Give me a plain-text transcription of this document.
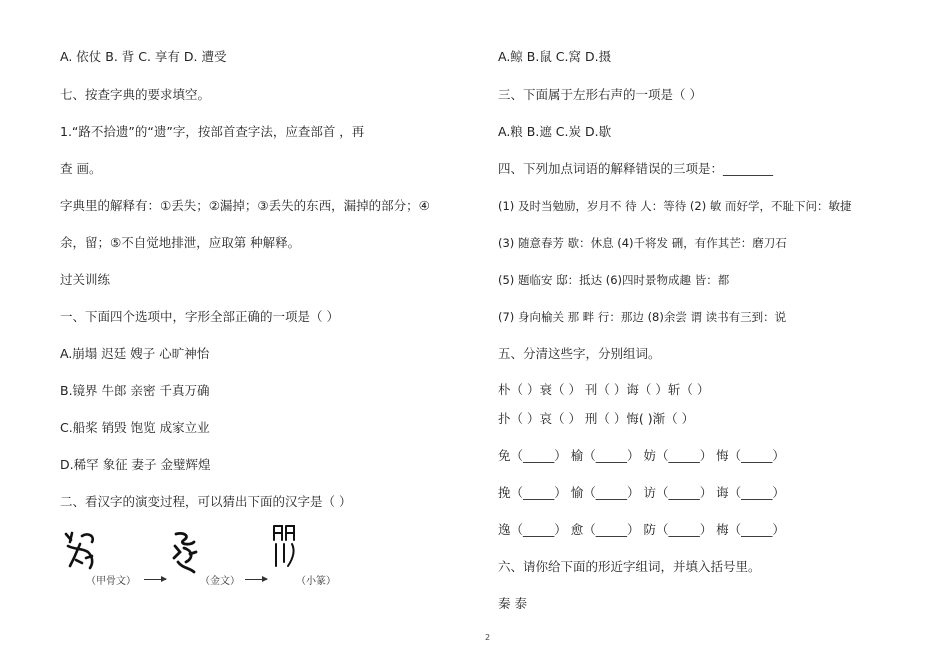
A. 依仗 B. 背 C. 享有 D. 遭受
七、按查字典的要求填空。
1.“路不拾遗”的“遗”字，按部首查字法，应查部首 ，再
查 画。
字典里的解释有：①丢失；②漏掉；③丢失的东西，漏掉的部分；④
余，留；⑤不自觉地排泄，应取第 种解释。
过关训练
一、下面四个选项中，字形全部正确的一项是（ ）
A.崩塌 迟廷 嫂子 心旷神怡
B.镜界 牛郎 亲密 千真万确
C.船桨 销毁 饱览 成家立业
D.稀罕 象征 妻子 金璧辉煌
二、看汉字的演变过程，可以猜出下面的汉字是（ ）
（甲骨文）	（金文）	（小篆）
A.鲸 B.鼠 C.窝 D.摄
三、下面属于左形右声的一项是（ ）
A.粮 B.遮 C.炭 D.歇
四、下列加点词语的解释错误的三项是：________
(1) 及时当勉励，岁月不 待 人：等待 (2) 敏 而好学，不耻下问：敏捷
(3) 随意春芳 歇：休息 (4)千将发 硎，有作其芒：磨刀石
(5) 题临安 邸：抵达 (6)四时景物成趣 皆：都
(7) 身向榆关 那 畔 行：那边 (8)余尝 谓 读书有三到：说
五、分清这些字，分别组词。
朴（ ）衰（ ） 刊（ ）诲（ ）斩（ ）
扑（ ）哀（ ） 刑（ ）悔( )渐（ ）
免（_____） 榆（_____） 妨（_____） 悔（_____）
挽（_____） 愉（_____） 访（_____） 诲（_____）
逸（_____） 愈（_____） 防（_____） 梅（_____）
六、请你给下面的形近字组词，并填入括号里。
秦 泰
2
